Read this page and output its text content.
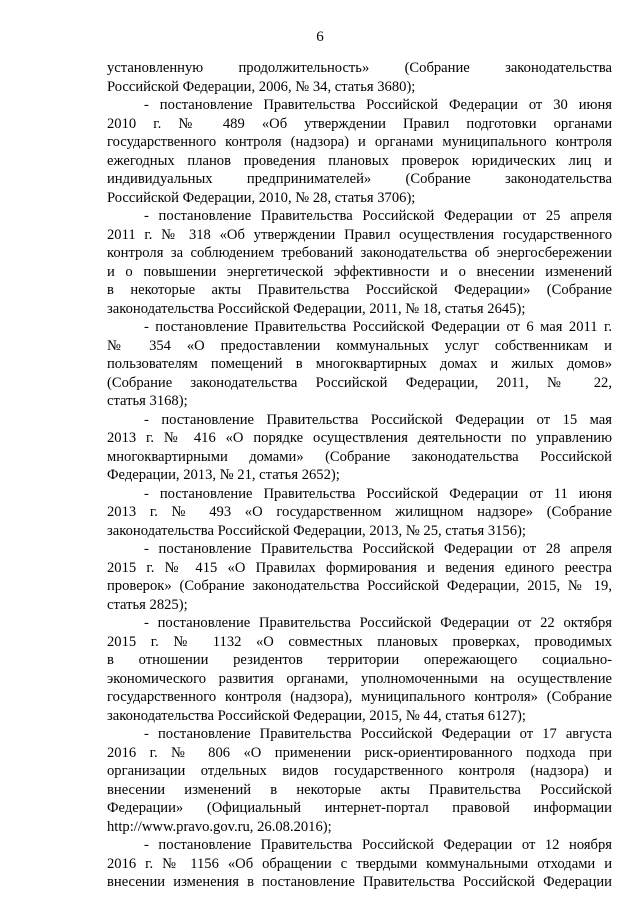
6
установленную продолжительность» (Собрание законодательства
Российской Федерации, 2006, № 34, статья 3680);
- постановление Правительства Российской Федерации от 30 июня
2010 г. № 489 «Об утверждении Правил подготовки органами
государственного контроля (надзора) и органами муниципального контроля
ежегодных планов проведения плановых проверок юридических лиц и
индивидуальных предпринимателей» (Собрание законодательства
Российской Федерации, 2010, № 28, статья 3706);
- постановление Правительства Российской Федерации от 25 апреля
2011 г. № 318 «Об утверждении Правил осуществления государственного
контроля за соблюдением требований законодательства об энергосбережении
и о повышении энергетической эффективности и о внесении изменений
в некоторые акты Правительства Российской Федерации» (Собрание
законодательства Российской Федерации, 2011, № 18, статья 2645);
- постановление Правительства Российской Федерации от 6 мая 2011 г.
№ 354 «О предоставлении коммунальных услуг собственникам и
пользователям помещений в многоквартирных домах и жилых домов»
(Собрание законодательства Российской Федерации, 2011, № 22,
статья 3168);
- постановление Правительства Российской Федерации от 15 мая
2013 г. № 416 «О порядке осуществления деятельности по управлению
многоквартирными домами» (Собрание законодательства Российской
Федерации, 2013, № 21, статья 2652);
- постановление Правительства Российской Федерации от 11 июня
2013 г. № 493 «О государственном жилищном надзоре» (Собрание
законодательства Российской Федерации, 2013, № 25, статья 3156);
- постановление Правительства Российской Федерации от 28 апреля
2015 г. № 415 «О Правилах формирования и ведения единого реестра
проверок» (Собрание законодательства Российской Федерации, 2015, № 19,
статья 2825);
- постановление Правительства Российской Федерации от 22 октября
2015 г. № 1132 «О совместных плановых проверках, проводимых
в отношении резидентов территории опережающего социально-
экономического развития органами, уполномоченными на осуществление
государственного контроля (надзора), муниципального контроля» (Собрание
законодательства Российской Федерации, 2015, № 44, статья 6127);
- постановление Правительства Российской Федерации от 17 августа
2016 г. № 806 «О применении риск-ориентированного подхода при
организации отдельных видов государственного контроля (надзора) и
внесении изменений в некоторые акты Правительства Российской
Федерации» (Официальный интернет-портал правовой информации
http://www.pravo.gov.ru, 26.08.2016);
- постановление Правительства Российской Федерации от 12 ноября
2016 г. № 1156 «Об обращении с твердыми коммунальными отходами и
внесении изменения в постановление Правительства Российской Федерации
